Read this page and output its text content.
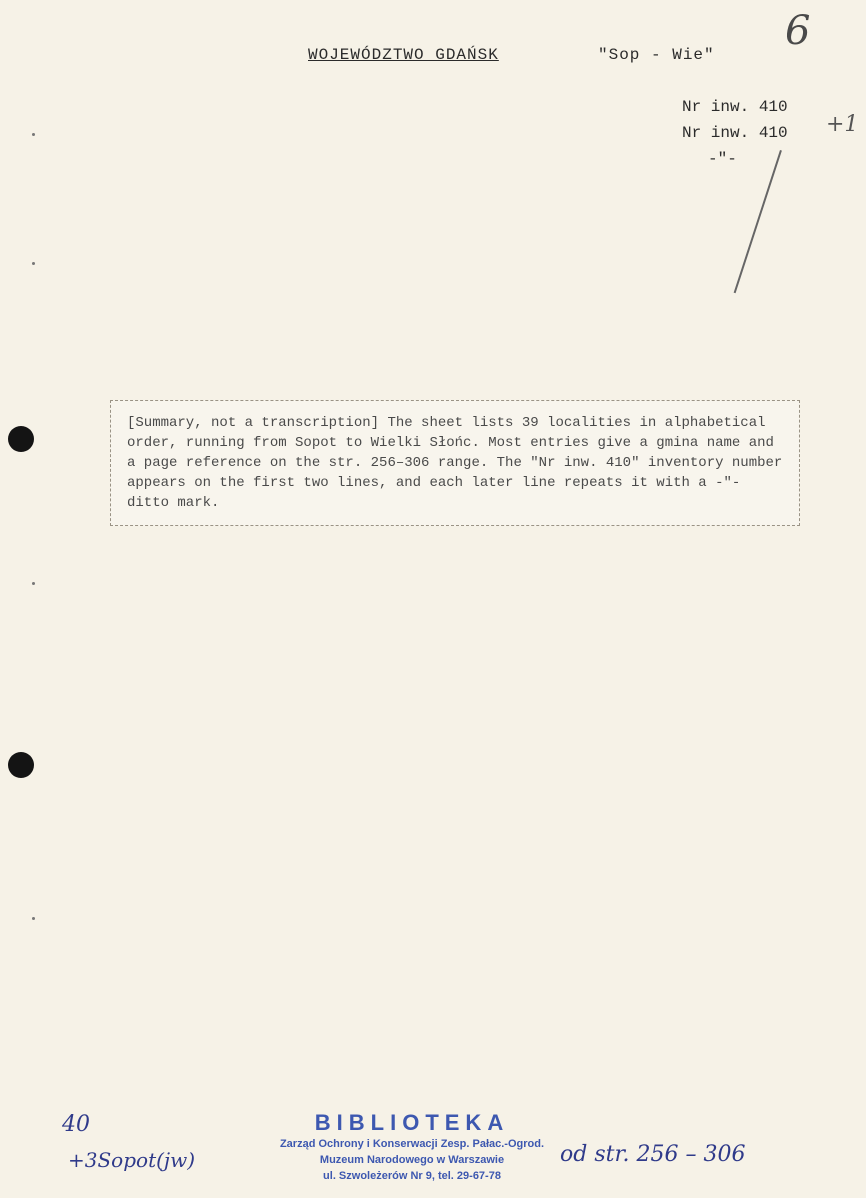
6
WOJEWÓDZTWO GDAŃSK	"Sop - Wie"
+1
Nr inw. 410
Nr inw. 410
-"-
[Summary, not a transcription] The sheet lists 39 localities in alphabetical order, running from Sopot to Wielki Słońc. Most entries give a gmina name and a page reference on the str. 256–306 range. The "Nr inw. 410" inventory number appears on the first two lines, and each later line repeats it with a -"- ditto mark.
40
+3Sopot(jw)	od str. 256 – 306
BIBLIOTEKA
Zarząd Ochrony i Konserwacji Zesp. Pałac.-Ogrod.
Muzeum Narodowego w Warszawie
ul. Szwoleżerów Nr 9, tel. 29-67-78
